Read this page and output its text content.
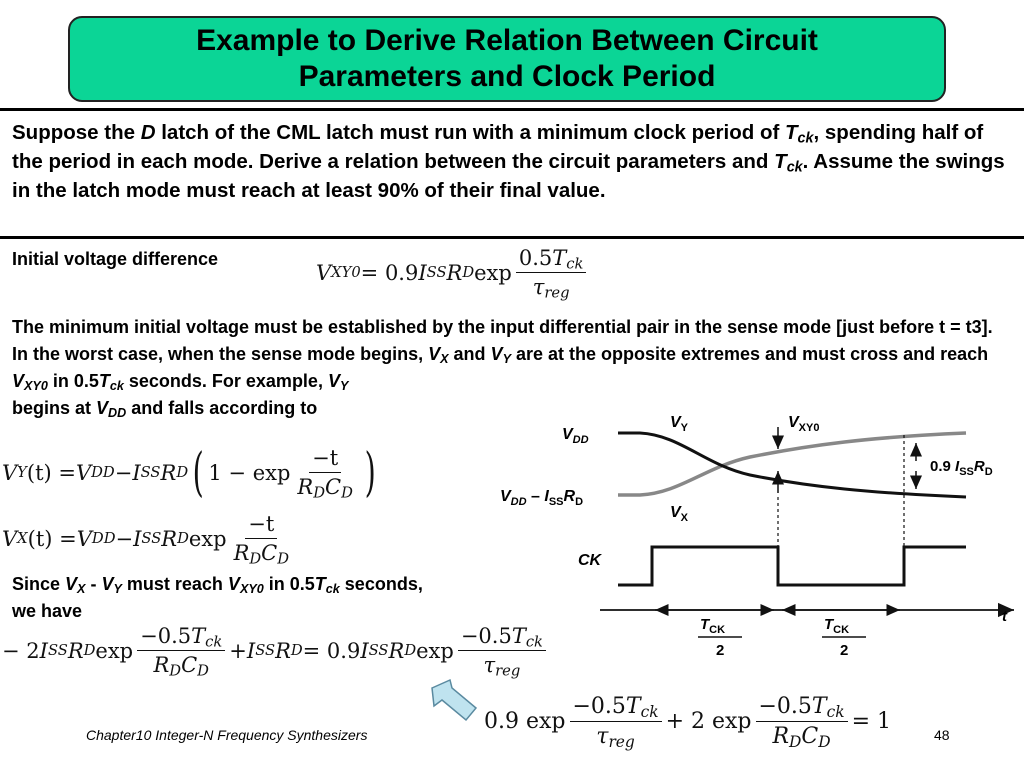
Example to Derive Relation Between Circuit
Parameters and Clock Period
Suppose the D latch of the CML latch must run with a minimum clock period of $T_{ck}$, spending half of the period in each mode. Derive a relation between the circuit parameters and $T_{ck}$. Assume the swings in the latch mode must reach at least 90% of their final value.
Initial voltage difference
V XY0 = 0.9 I SS R D $\exp \frac{0.5T_{ck}}{\tau_{reg}}$
The minimum initial voltage must be established by the input differential pair in the sense mode [just before t = t3]. In the worst case, when the sense mode begins, $V_X$ and $V_Y$ are at the opposite extremes and must cross and reach $V_{XY0}$ in $0.5T_{ck}$ seconds. For example, $V_Y$
begins at $V_{DD}$ and falls according to
V Y (t) = V DD − I SS R D ( $1 - \exp \frac{-t}{R_DC_D}$ )
V X (t) = V DD − I SS R D $\exp \frac{-t}{R_DC_D}$
Since $V_X - V_Y$ must reach $V_{XY0}$ in $0.5T_{ck}$ seconds,
we have
− 2 I SS R D $\exp \frac{-0.5T_{ck}}{R_DC_D} + I$ SS R D = 0.9 I SS R D $\exp \frac{-0.5T_{ck}}{\tau_{reg}}$
0.9 $\exp \frac{-0.5T_{ck}}{\tau_{reg}} + 2$ $\exp \frac{-0.5T_{ck}}{R_DC_D} = 1$
$V_{DD}$
$V_{DD} - I_{SS}R_D$
$V_Y$
$V_X$
$V_{XY0}$
0.9 $I_{SS}R_D$
CK
t
$T_{CK}$
2
$T_{CK}$
2
Chapter10 Integer-N Frequency Synthesizers	48
